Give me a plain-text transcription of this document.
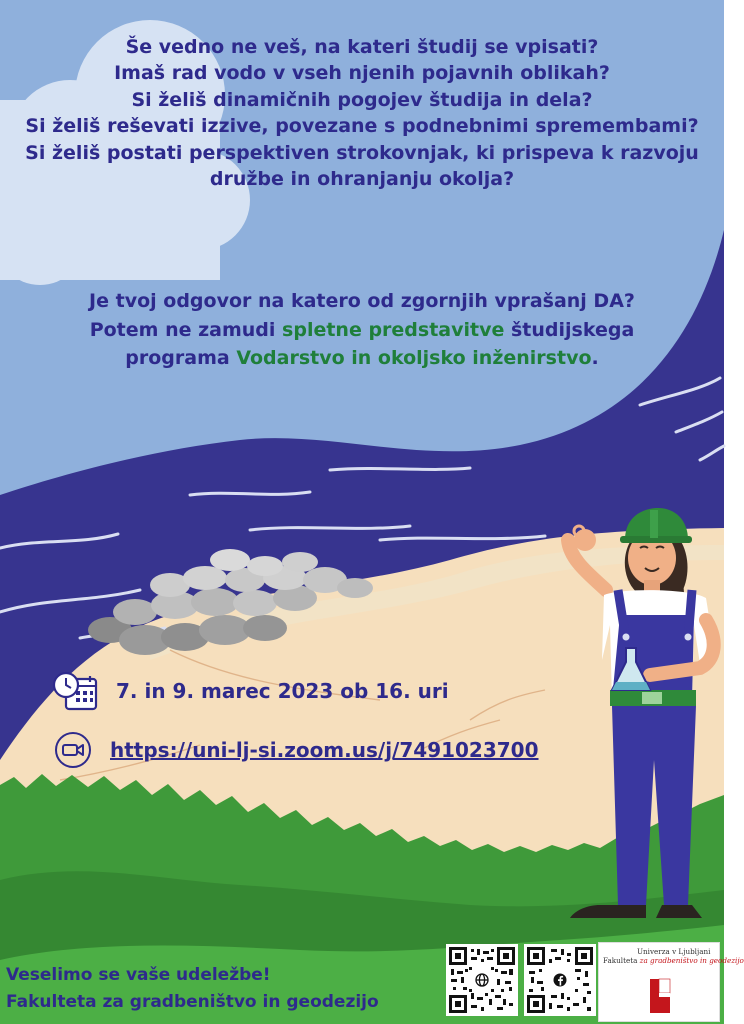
Še vedno ne veš, na kateri študij se vpisati?
Imaš rad vodo v vseh njenih pojavnih oblikah?
Si želiš dinamičnih pogojev študija in dela?
Si želiš reševati izzive, povezane s podnebnimi spremembami?
Si želiš postati perspektiven strokovnjak, ki prispeva k razvoju
družbe in ohranjanju okolja?
Je tvoj odgovor na katero od zgornjih vprašanj DA?
Potem ne zamudi spletne predstavitve študijskega
programa Vodarstvo in okoljsko inženirstvo.
7. in 9. marec 2023 ob 16. uri
https://uni-lj-si.zoom.us/j/7491023700
Veselimo se vaše udeležbe!
Fakulteta za gradbeništvo in geodezijo
Univerza v Ljubljani
Fakulteta za gradbeništvo in geodezijo
